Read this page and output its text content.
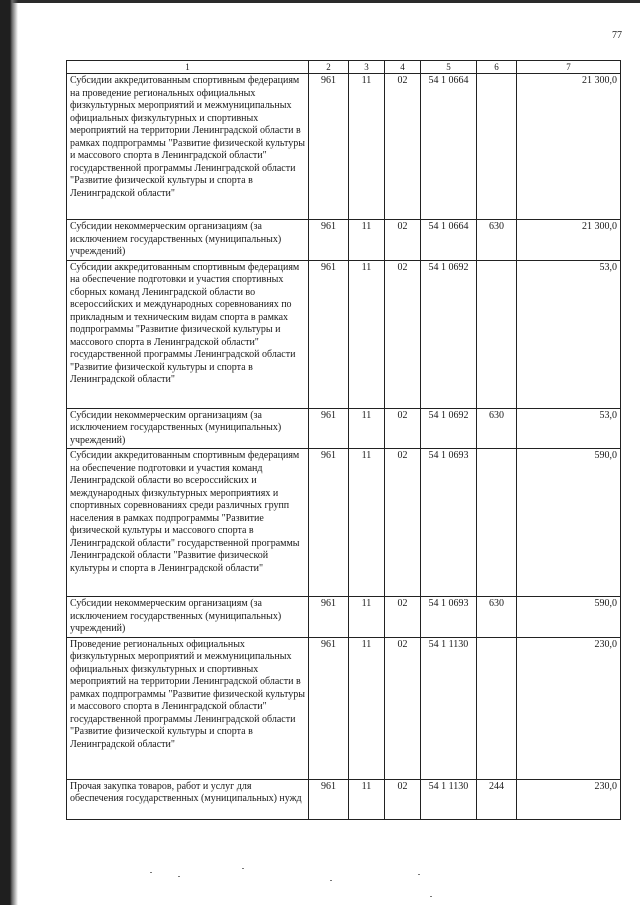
77
1	2	3	4	5	6	7
Субсидии аккредитованным спортивным федерациям на проведение региональных официальных физкультурных мероприятий и межмуниципальных официальных физкультурных и спортивных мероприятий на территории Ленинградской области в рамках подпрограммы "Развитие физической культуры и массового спорта в Ленинградской области" государственной программы Ленинградской области "Развитие физической культуры и спорта в Ленинградской области"	961	11	02	54 1 0664		21 300,0
Субсидии некоммерческим организациям (за исключением государственных (муниципальных) учреждений)	961	11	02	54 1 0664	630	21 300,0
Субсидии аккредитованным спортивным федерациям на обеспечение подготовки и участия спортивных сборных команд Ленинградской области во всероссийских и международных соревнованиях по прикладным и техническим видам спорта в рамках подпрограммы "Развитие физической культуры и массового спорта в Ленинградской области" государственной программы Ленинградской области "Развитие физической культуры и спорта в Ленинградской области"	961	11	02	54 1 0692		53,0
Субсидии некоммерческим организациям (за исключением государственных (муниципальных) учреждений)	961	11	02	54 1 0692	630	53,0
Субсидии аккредитованным спортивным федерациям на обеспечение подготовки и участия команд Ленинградской области во всероссийских и международных физкультурных мероприятиях и спортивных соревнованиях среди различных групп населения в рамках подпрограммы "Развитие физической культуры и массового спорта в Ленинградской области" государственной программы Ленинградской области "Развитие физической культуры и спорта в Ленинградской области"	961	11	02	54 1 0693		590,0
Субсидии некоммерческим организациям (за исключением государственных (муниципальных) учреждений)	961	11	02	54 1 0693	630	590,0
Проведение региональных официальных физкультурных мероприятий и межмуниципальных официальных физкультурных и спортивных мероприятий на территории Ленинградской области в рамках подпрограммы "Развитие физической культуры и массового спорта в Ленинградской области" государственной программы Ленинградской области "Развитие физической культуры и спорта в Ленинградской области"	961	11	02	54 1 1130		230,0
Прочая закупка товаров, работ и услуг для обеспечения государственных (муниципальных) нужд	961	11	02	54 1 1130	244	230,0
